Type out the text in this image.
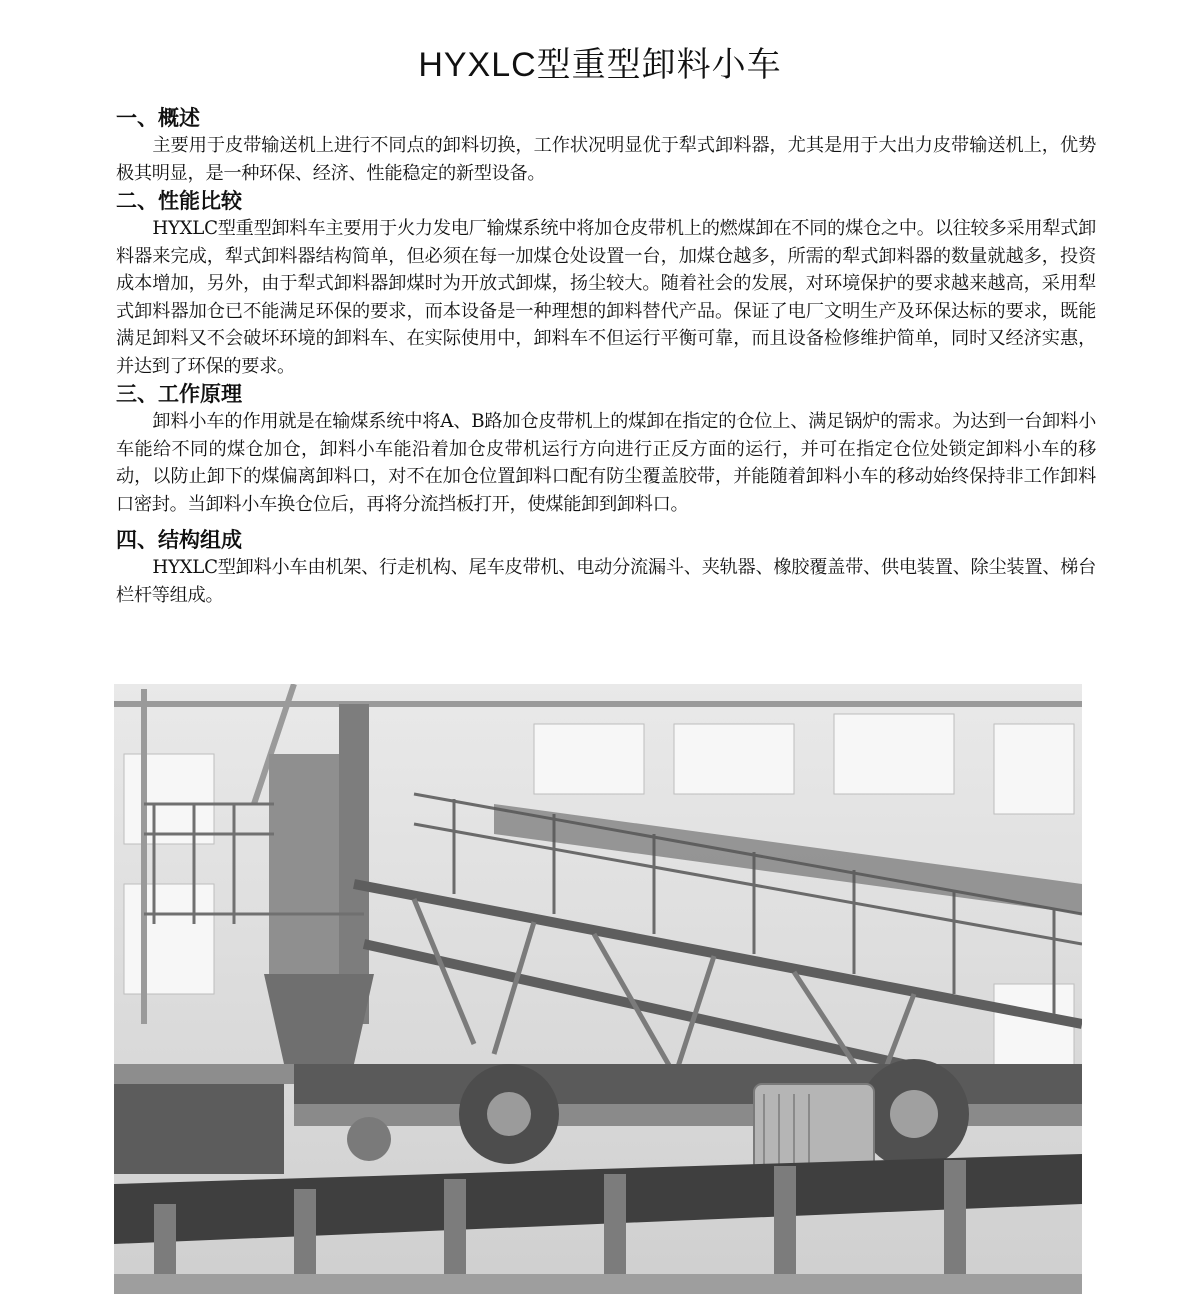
HYXLC型重型卸料小车
一、概述
主要用于皮带输送机上进行不同点的卸料切换，工作状况明显优于犁式卸料器，尤其是用于大出力皮带输送机上，优势极其明显，是一种环保、经济、性能稳定的新型设备。
二、性能比较
HYXLC型重型卸料车主要用于火力发电厂输煤系统中将加仓皮带机上的燃煤卸在不同的煤仓之中。以往较多采用犁式卸料器来完成，犁式卸料器结构简单，但必须在每一加煤仓处设置一台，加煤仓越多，所需的犁式卸料器的数量就越多，投资成本增加，另外，由于犁式卸料器卸煤时为开放式卸煤，扬尘较大。随着社会的发展，对环境保护的要求越来越高，采用犁式卸料器加仓已不能满足环保的要求，而本设备是一种理想的卸料替代产品。保证了电厂文明生产及环保达标的要求，既能满足卸料又不会破坏环境的卸料车、在实际使用中，卸料车不但运行平衡可靠，而且设备检修维护简单，同时又经济实惠，并达到了环保的要求。
三、工作原理
卸料小车的作用就是在输煤系统中将A、B路加仓皮带机上的煤卸在指定的仓位上、满足锅炉的需求。为达到一台卸料小车能给不同的煤仓加仓，卸料小车能沿着加仓皮带机运行方向进行正反方面的运行，并可在指定仓位处锁定卸料小车的移动，以防止卸下的煤偏离卸料口，对不在加仓位置卸料口配有防尘覆盖胶带，并能随着卸料小车的移动始终保持非工作卸料口密封。当卸料小车换仓位后，再将分流挡板打开，使煤能卸到卸料口。
四、结构组成
HYXLC型卸料小车由机架、行走机构、尾车皮带机、电动分流漏斗、夹轨器、橡胶覆盖带、供电装置、除尘装置、梯台栏杆等组成。
